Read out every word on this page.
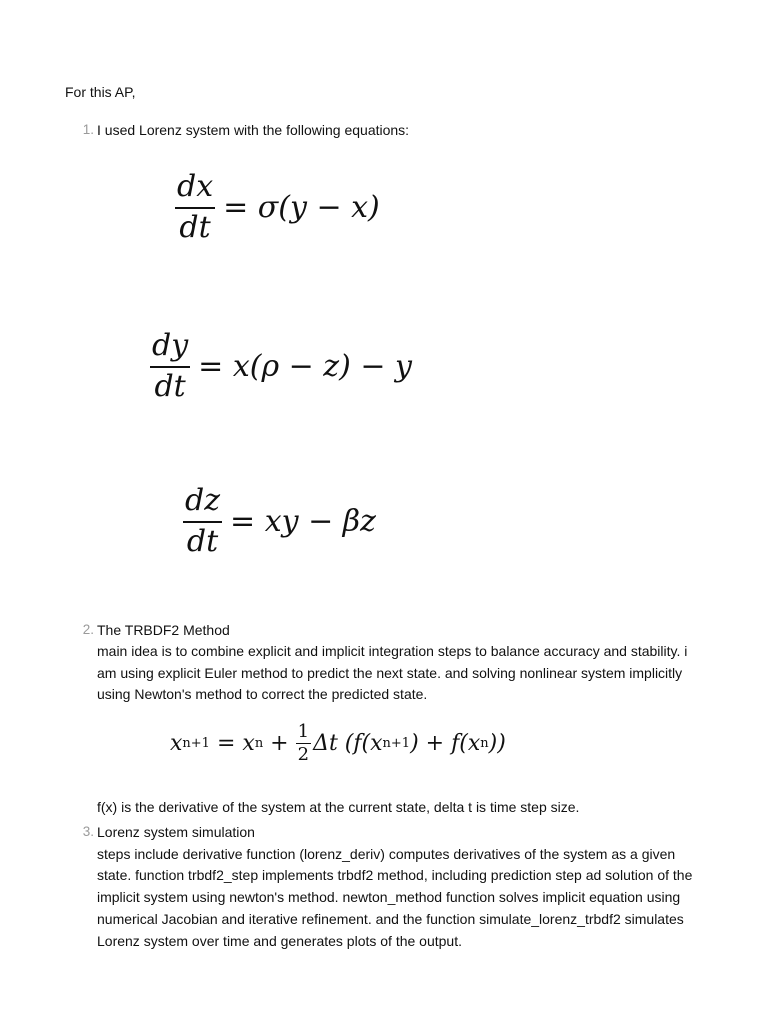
For this AP,
1. I used Lorenz system with the following equations:
$\frac{dx}{dt} = \sigma(y - x)$
$\frac{dy}{dt} = x(\rho - z) - y$
$\frac{dz}{dt}$ = xy − βz
2. The TRBDF2 Method
main idea is to combine explicit and implicit integration steps to balance accuracy and stability. i
am using explicit Euler method to predict the next state. and solving nonlinear system implicitly
using Newton's method to correct the predicted state.
x n+1 = x $n + \frac{1}{2}$ Δt (f( x n+1 ) + f( x n ))
f(x) is the derivative of the system at the current state, delta t is time step size.
3. Lorenz system simulation
steps include derivative function (lorenz_deriv) computes derivatives of the system as a given
state. function trbdf2_step implements trbdf2 method, including prediction step ad solution of the
implicit system using newton's method. newton_method function solves implicit equation using
numerical Jacobian and iterative refinement. and the function simulate_lorenz_trbdf2 simulates
Lorenz system over time and generates plots of the output.
